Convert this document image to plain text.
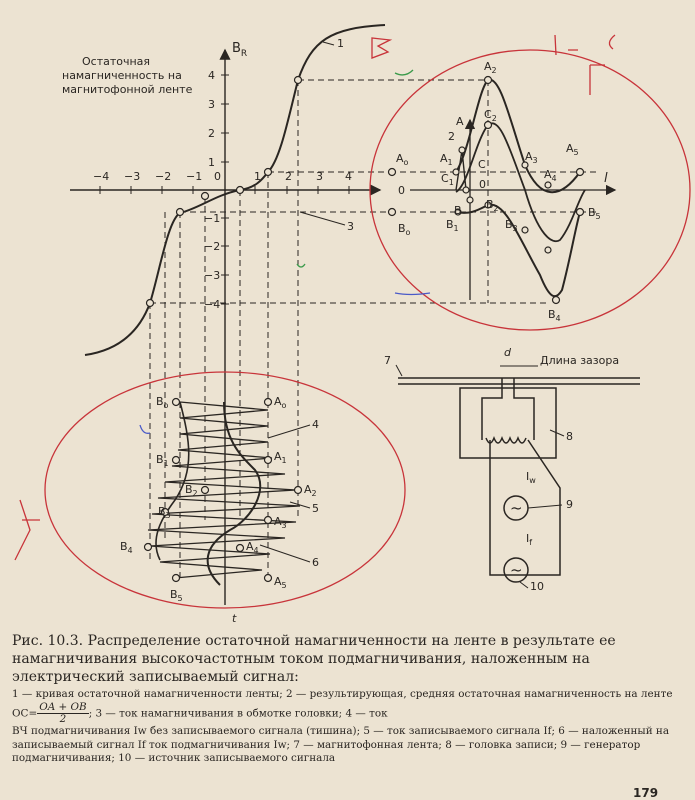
$B_R$
Остаточная
намагниченность на
магнитофонной ленте
−4 −3 −2 −1 0	1 2 3 4
4
3
2
1
−1
−2
−3
−4
1
3
l
0
$A_o$
$B_o$
$A_2$
$C_2$
A
2
$A_1$ C
$C_1$ 0
B
$B_1$
$B_2$
$B_3$
$A_3$
$A_4$
$A_5$
$B_5$
$B_4$
$B_o$	$A_o$
$B_1$
$A_1$
$B_2$	$A_2$
$B_3$	$A_3$
$B_4$	$A_4$
$B_5$
$A_5$
t
4
5
6
7
d
Длина зазора
8
$I_w$
9
$I_f$
10
~
~

Рис. 10.3. Распределение остаточной намагниченности на ленте в результате ее намагничивания высокочастотным током подмагничивания, наложенным на электрический записываемый сигнал:

1 — кривая остаточной намагниченности ленты; 2 — результирующая, средняя остаточная намагниченность на ленте $OC= \frac{OA + OB}{2}$ ; 3 — ток намагничивания в обмотке головки; 4 — ток

ВЧ подмагничивания Iw без записываемого сигнала (тишина); 5 — ток записываемого сигнала If; 6 — наложенный на записываемый сигнал If ток подмагничивания Iw; 7 — магнитофонная лента; 8 — головка записи; 9 — генератор подмагничивания; 10 — источник записываемого сигнала

179
